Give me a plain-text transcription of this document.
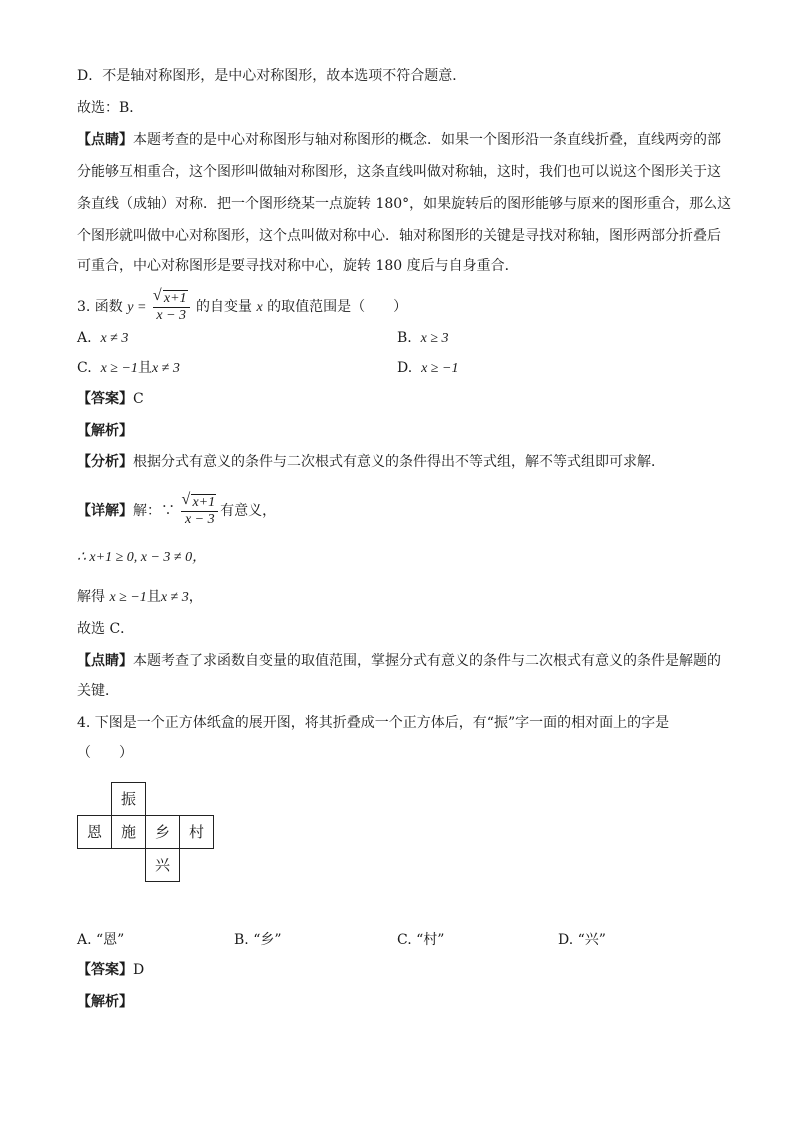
D．不是轴对称图形，是中心对称图形，故本选项不符合题意．
故选：B．
【点睛】本题考查的是中心对称图形与轴对称图形的概念．如果一个图形沿一条直线折叠，直线两旁的部
分能够互相重合，这个图形叫做轴对称图形，这条直线叫做对称轴，这时，我们也可以说这个图形关于这
条直线（成轴）对称．把一个图形绕某一点旋转 180°，如果旋转后的图形能够与原来的图形重合，那么这
个图形就叫做中心对称图形，这个点叫做对称中心．轴对称图形的关键是寻找对称轴，图形两部分折叠后
可重合，中心对称图形是要寻找对称中心，旋转 180 度后与自身重合．
3. 函数 y = √ $\frac{x+1}{x - 3}$ 的自变量 x 的取值范围是（　　）
A. x ≠ 3	B. x ≥ 3
C. x ≥ −1且x ≠ 3	D. x ≥ −1
【答案】C
【解析】
【分析】根据分式有意义的条件与二次根式有意义的条件得出不等式组，解不等式组即可求解．
【详解】解：∵ √ $\frac{x+1}{x - 3}$ 有意义，
∴ x+1 ≥ 0, x − 3 ≠ 0，
解得 x ≥ −1且x ≠ 3，
故选 C．
【点睛】本题考查了求函数自变量的取值范围，掌握分式有意义的条件与二次根式有意义的条件是解题的
关键．
4. 下图是一个正方体纸盒的展开图，将其折叠成一个正方体后，有“振”字一面的相对面上的字是
（　　）
振
恩	施	乡	村
兴
A. “恩”	B. “乡”	C. “村”	D. “兴”
【答案】D
【解析】
